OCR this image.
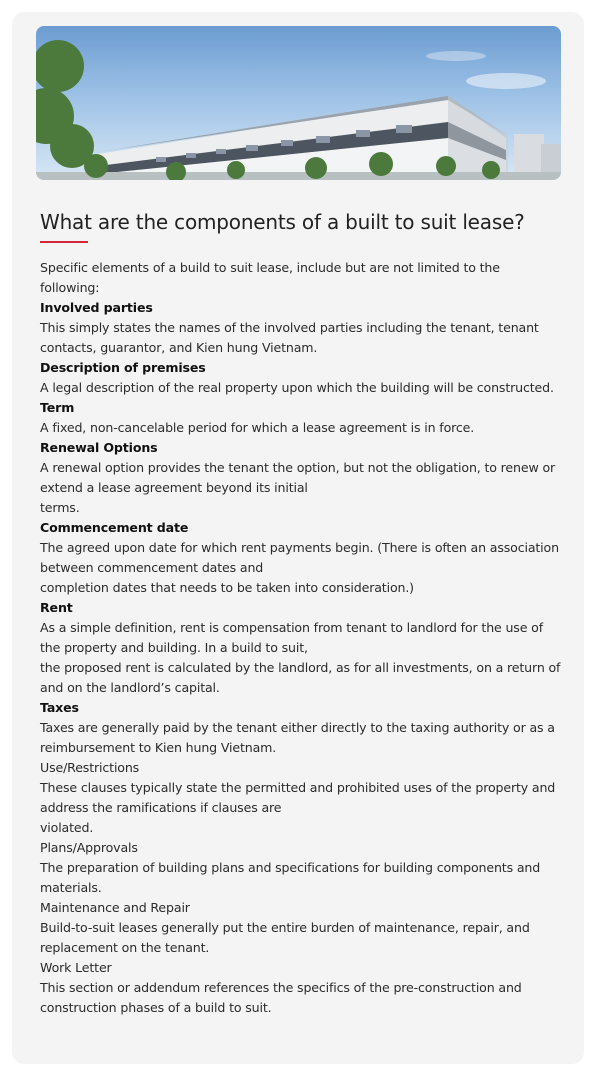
What are the components of a built to suit lease?

Specific elements of a build to suit lease, include but are not limited to the

following:

Involved parties

This simply states the names of the involved parties including the tenant, tenant

contacts, guarantor, and Kien hung Vietnam.

Description of premises

A legal description of the real property upon which the building will be constructed.

Term

A fixed, non-cancelable period for which a lease agreement is in force.

Renewal Options

A renewal option provides the tenant the option, but not the obligation, to renew or

extend a lease agreement beyond its initial

terms.

Commencement date

The agreed upon date for which rent payments begin. (There is often an association

between commencement dates and

completion dates that needs to be taken into consideration.)

Rent

As a simple definition, rent is compensation from tenant to landlord for the use of

the property and building. In a build to suit,

the proposed rent is calculated by the landlord, as for all investments, on a return of

and on the landlord’s capital.

Taxes

Taxes are generally paid by the tenant either directly to the taxing authority or as a

reimbursement to Kien hung Vietnam.

Use/Restrictions

These clauses typically state the permitted and prohibited uses of the property and

address the ramifications if clauses are

violated.

Plans/Approvals

The preparation of building plans and specifications for building components and

materials.

Maintenance and Repair

Build-to-suit leases generally put the entire burden of maintenance, repair, and

replacement on the tenant.

Work Letter

This section or addendum references the specifics of the pre-construction and

construction phases of a build to suit.
